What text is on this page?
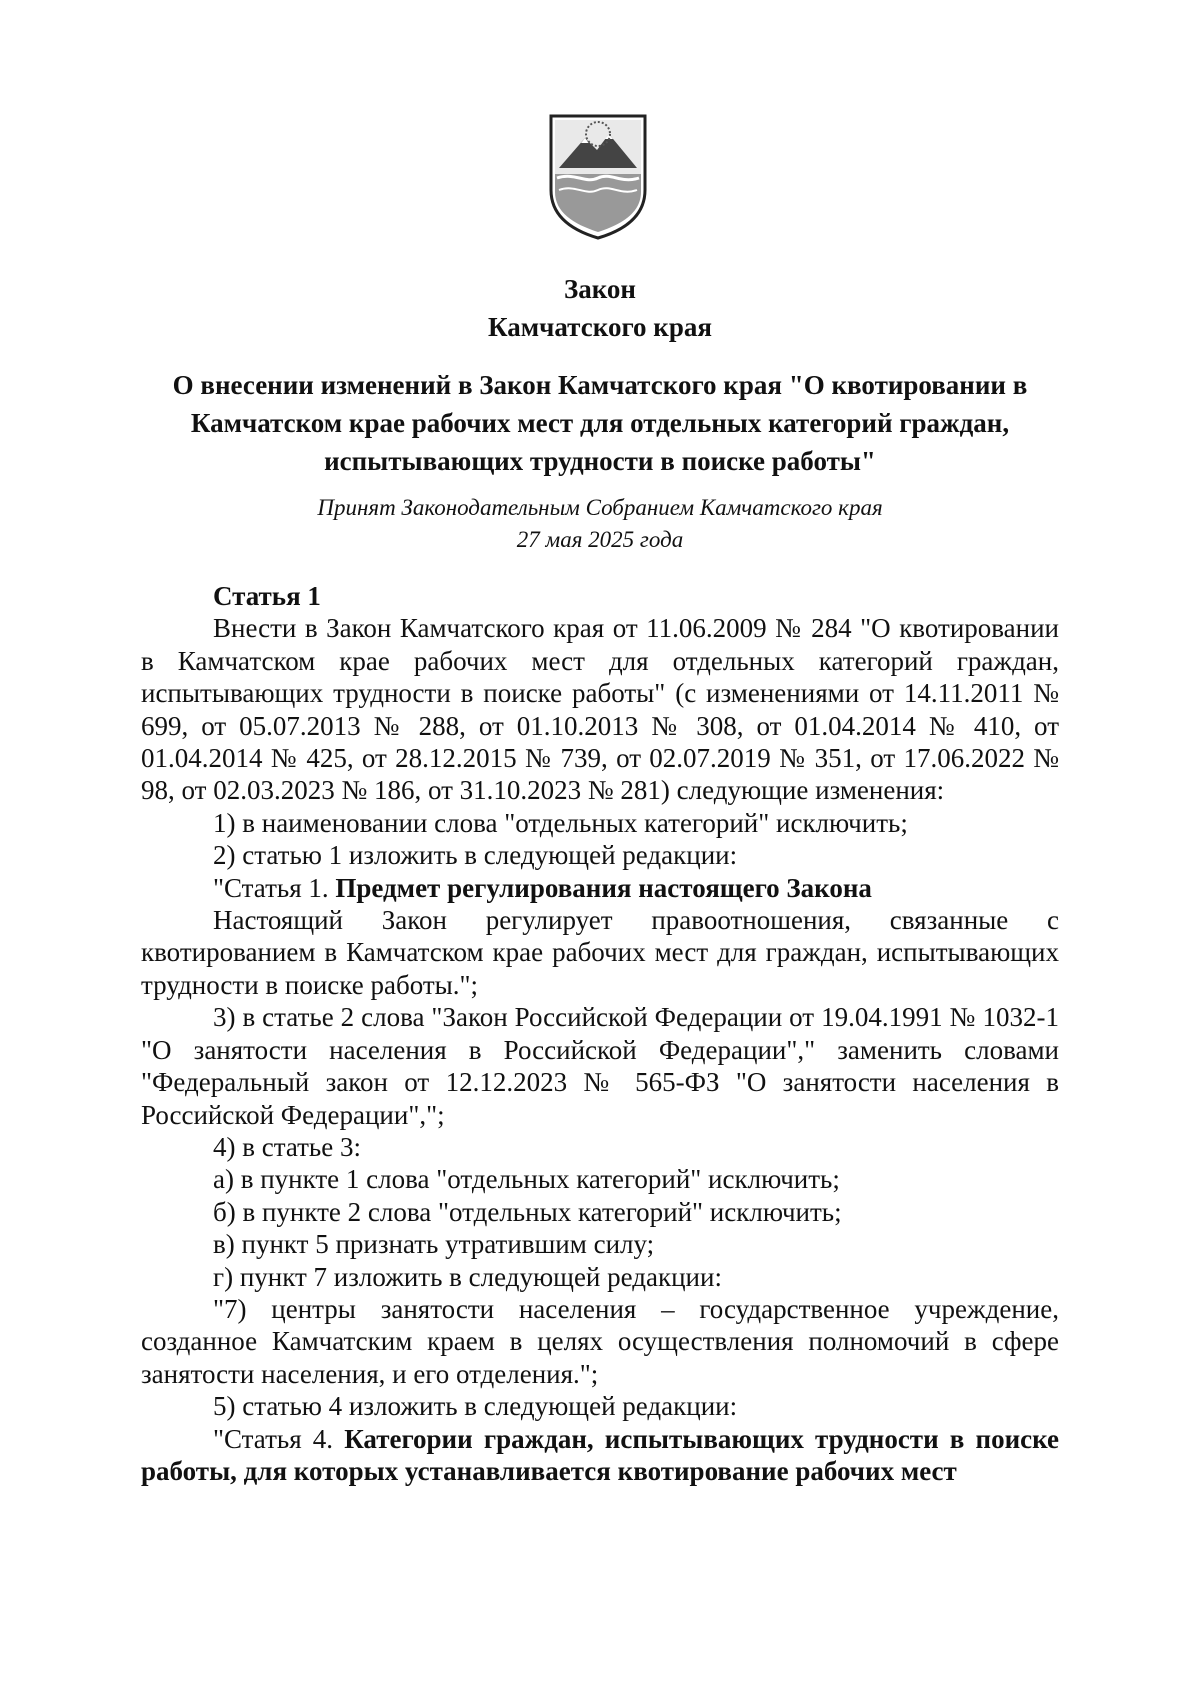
Закон
Камчатского края
О внесении изменений в Закон Камчатского края "О квотировании в
Камчатском крае рабочих мест для отдельных категорий граждан,
испытывающих трудности в поиске работы"
Принят Законодательным Собранием Камчатского края
27 мая 2025 года

Статья 1

Внести в Закон Камчатского края от 11.06.2009 № 284 "О квотировании в Камчатском крае рабочих мест для отдельных категорий граждан, испытывающих трудности в поиске работы" (с изменениями от 14.11.2011 № 699, от 05.07.2013 № 288, от 01.10.2013 № 308, от 01.04.2014 № 410, от 01.04.2014 № 425, от 28.12.2015 № 739, от 02.07.2019 № 351, от 17.06.2022 № 98, от 02.03.2023 № 186, от 31.10.2023 № 281) следующие изменения:

1) в наименовании слова "отдельных категорий" исключить;

2) статью 1 изложить в следующей редакции:

"Статья 1. Предмет регулирования настоящего Закона

Настоящий Закон регулирует правоотношения, связанные с квотированием в Камчатском крае рабочих мест для граждан, испытывающих трудности в поиске работы.";

3) в статье 2 слова "Закон Российской Федерации от 19.04.1991 № 1032-1 "О занятости населения в Российской Федерации"," заменить словами "Федеральный закон от 12.12.2023 № 565-ФЗ "О занятости населения в Российской Федерации",";

4) в статье 3:

а) в пункте 1 слова "отдельных категорий" исключить;

б) в пункте 2 слова "отдельных категорий" исключить;

в) пункт 5 признать утратившим силу;

г) пункт 7 изложить в следующей редакции:

"7) центры занятости населения – государственное учреждение, созданное Камчатским краем в целях осуществления полномочий в сфере занятости населения, и его отделения.";

5) статью 4 изложить в следующей редакции:

"Статья 4. Категории граждан, испытывающих трудности в поиске работы, для которых устанавливается квотирование рабочих мест
